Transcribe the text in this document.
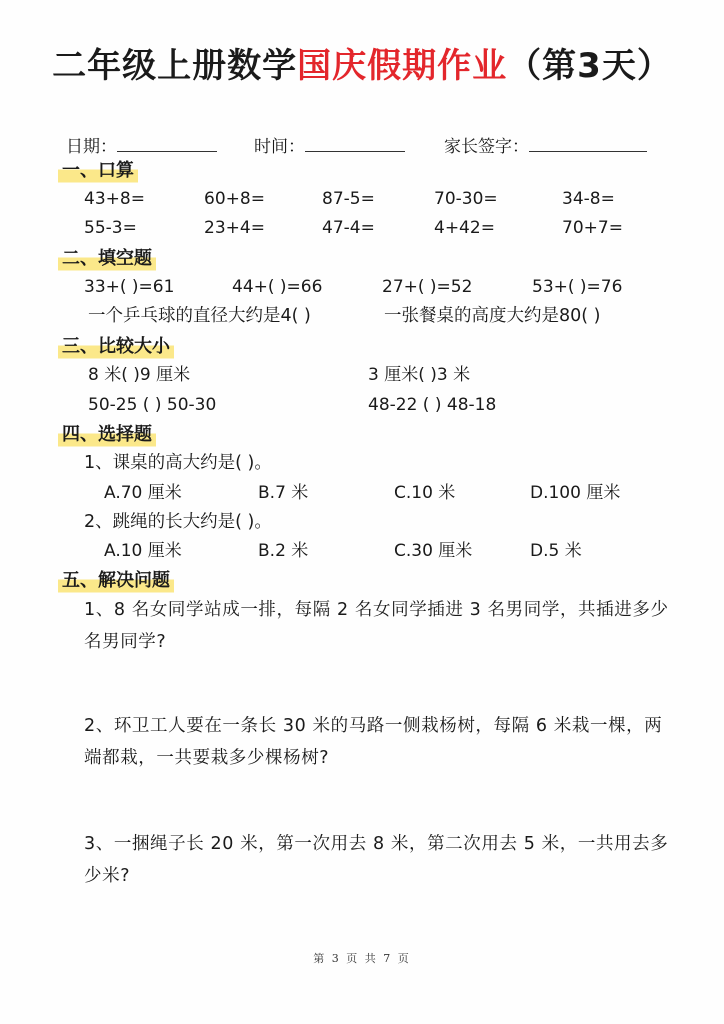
二年级上册数学国庆假期作业（第3天）
日期：	时间：	家长签字：
一、口算
43+8=	60+8=	87-5=	70-30=	34-8=
55-3=	23+4=	47-4=	4+42=	70+7=
二、填空题
33+( )=61	44+( )=66	27+( )=52	53+( )=76
一个乒乓球的直径大约是4( )	一张餐桌的高度大约是80( )
三、比较大小
8 米( )9 厘米	3 厘米( )3 米
50-25 ( ) 50-30	48-22 ( ) 48-18
四、选择题
1、课桌的高大约是( )。
A.70 厘米	B.7 米	C.10 米	D.100 厘米
2、跳绳的长大约是( )。
A.10 厘米	B.2 米	C.30 厘米	D.5 米
五、解决问题
1、8 名女同学站成一排，每隔 2 名女同学插进 3 名男同学，共插进多少名男同学?
2、环卫工人要在一条长 30 米的马路一侧栽杨树，每隔 6 米栽一棵，两端都栽，一共要栽多少棵杨树?
3、一捆绳子长 20 米，第一次用去 8 米，第二次用去 5 米，一共用去多少米?
第 3 页 共 7 页
